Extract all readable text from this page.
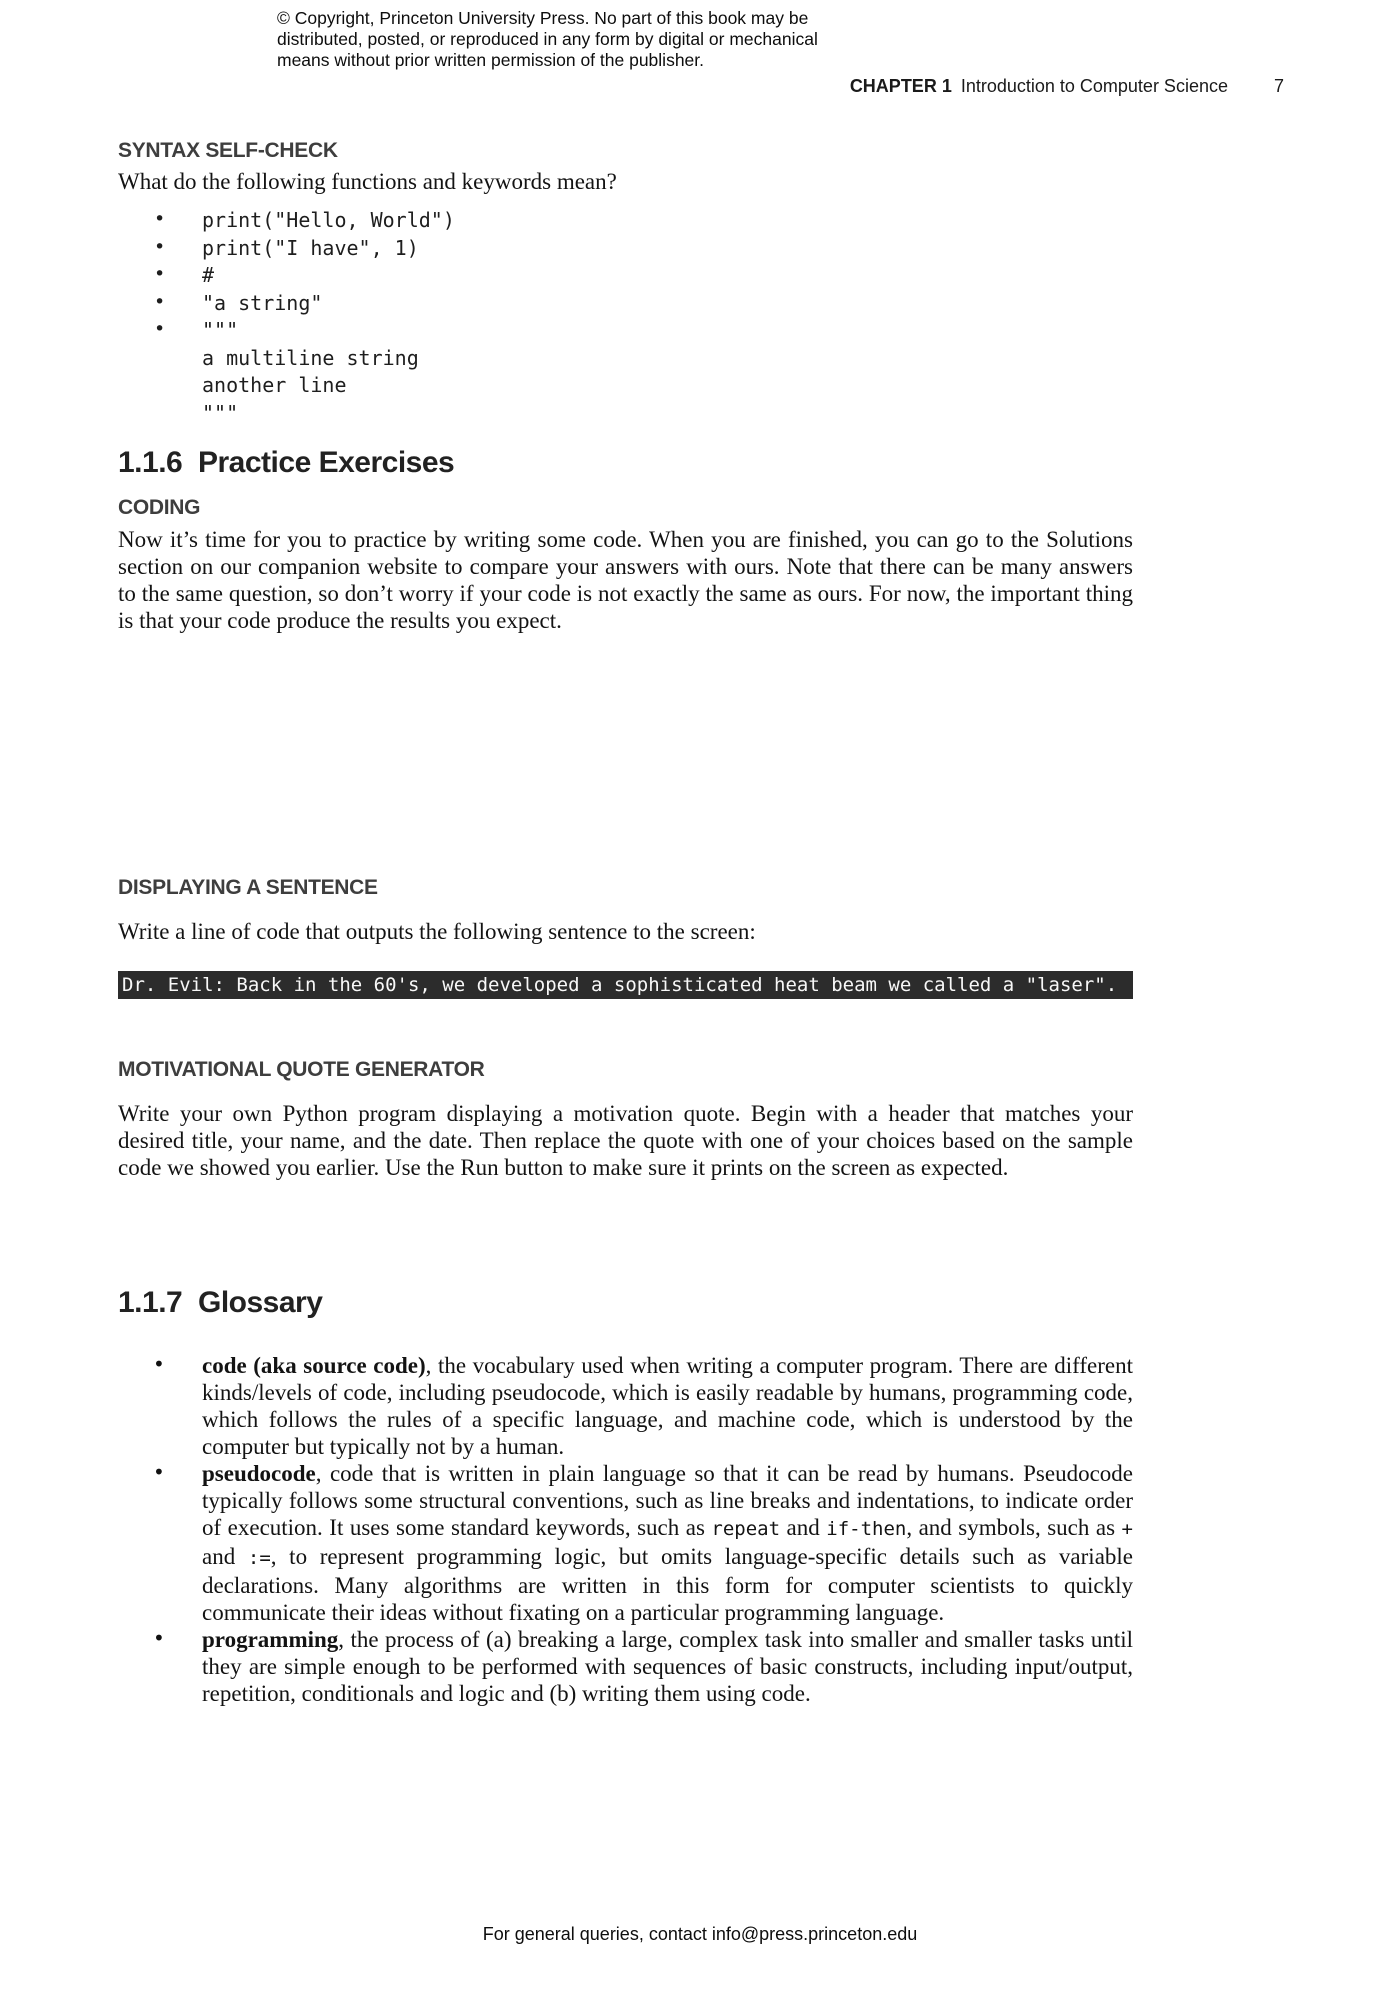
© Copyright, Princeton University Press. No part of this book may be
distributed, posted, or reproduced in any form by digital or mechanical
means without prior written permission of the publisher.
CHAPTER 1 Introduction to Computer Science	7
SYNTAX SELF-CHECK

What do the following functions and keywords mean?

• print("Hello, World")
• print("I have", 1)
• #
• "a string"
• """
a multiline string
another line
"""
1.1.6 Practice Exercises
CODING

Now it’s time for you to practice by writing some code. When you are finished, you can go to the Solutions section on our companion website to compare your answers with ours. Note that there can be many answers to the same question, so don’t worry if your code is not exactly the same as ours. For now, the important thing is that your code produce the results you expect.

DISPLAYING A SENTENCE

Write a line of code that outputs the following sentence to the screen:

Dr. Evil: Back in the 60's, we developed a sophisticated heat beam we called a "laser".
MOTIVATIONAL QUOTE GENERATOR

Write your own Python program displaying a motivation quote. Begin with a header that matches your desired title, your name, and the date. Then replace the quote with one of your choices based on the sample code we showed you earlier. Use the Run button to make sure it prints on the screen as expected.

1.1.7 Glossary
• code (aka source code), the vocabulary used when writing a computer program. There are different kinds/levels of code, including pseudocode, which is easily readable by humans, programming code, which follows the rules of a specific language, and machine code, which is understood by the computer but typically not by a human.

• pseudocode, code that is written in plain language so that it can be read by humans. Pseudocode typically follows some structural conventions, such as line breaks and indentations, to indicate order of execution. It uses some standard keywords, such as repeat and if-then, and symbols, such as + and :=, to represent programming logic, but omits language-specific details such as variable declarations. Many algorithms are written in this form for computer scientists to quickly communicate their ideas without fixating on a particular programming language.

• programming, the process of (a) breaking a large, complex task into smaller and smaller tasks until they are simple enough to be performed with sequences of basic constructs, including input/output, repetition, conditionals and logic and (b) writing them using code.

For general queries, contact info@press.princeton.edu
